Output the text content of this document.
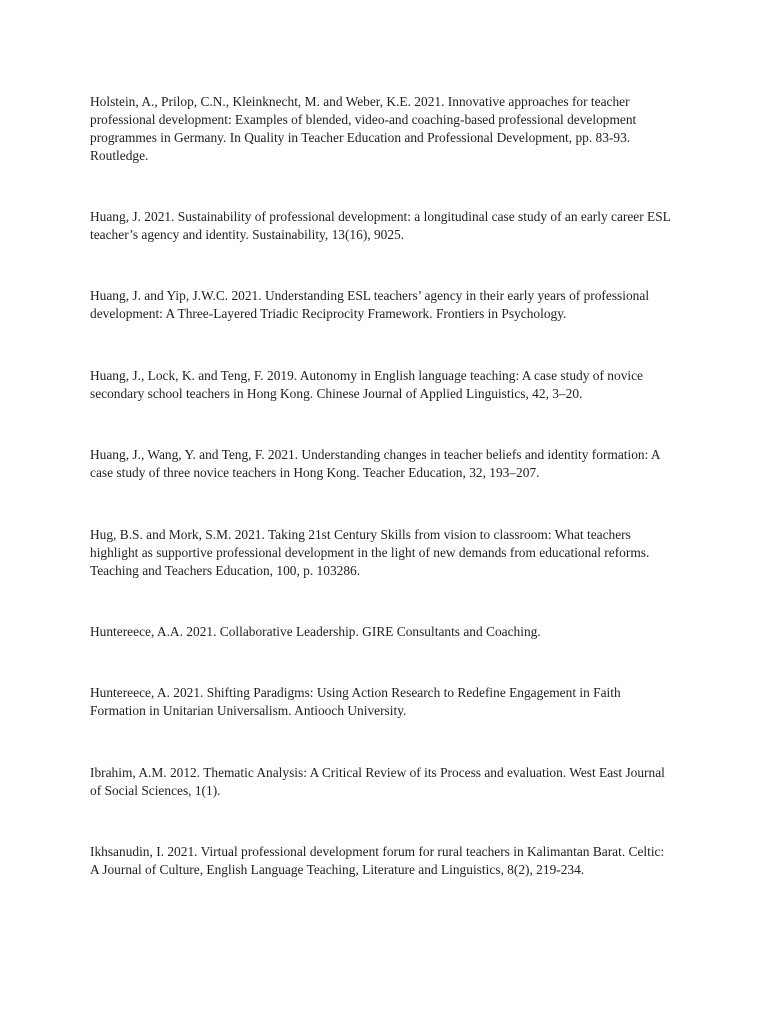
Holstein, A., Prilop, C.N., Kleinknecht, M. and Weber, K.E. 2021. Innovative approaches for teacher professional development: Examples of blended, video-and coaching-based professional development programmes in Germany. In Quality in Teacher Education and Professional Development, pp. 83-93. Routledge.

Huang, J. 2021. Sustainability of professional development: a longitudinal case study of an early career ESL teacher’s agency and identity. Sustainability, 13(16), 9025.

Huang, J. and Yip, J.W.C. 2021. Understanding ESL teachers’ agency in their early years of professional development: A Three-Layered Triadic Reciprocity Framework. Frontiers in Psychology.

Huang, J., Lock, K. and Teng, F. 2019. Autonomy in English language teaching: A case study of novice secondary school teachers in Hong Kong. Chinese Journal of Applied Linguistics, 42, 3–20.

Huang, J., Wang, Y. and Teng, F. 2021. Understanding changes in teacher beliefs and identity formation: A case study of three novice teachers in Hong Kong. Teacher Education, 32, 193–207.

Hug, B.S. and Mork, S.M. 2021. Taking 21st Century Skills from vision to classroom: What teachers highlight as supportive professional development in the light of new demands from educational reforms. Teaching and Teachers Education, 100, p. 103286.

Huntereece, A.A. 2021. Collaborative Leadership. GIRE Consultants and Coaching.

Huntereece, A. 2021. Shifting Paradigms: Using Action Research to Redefine Engagement in Faith Formation in Unitarian Universalism. Antiooch University.

Ibrahim, A.M. 2012. Thematic Analysis: A Critical Review of its Process and evaluation. West East Journal of Social Sciences, 1(1).

Ikhsanudin, I. 2021. Virtual professional development forum for rural teachers in Kalimantan Barat. Celtic: A Journal of Culture, English Language Teaching, Literature and Linguistics, 8(2), 219-234.
